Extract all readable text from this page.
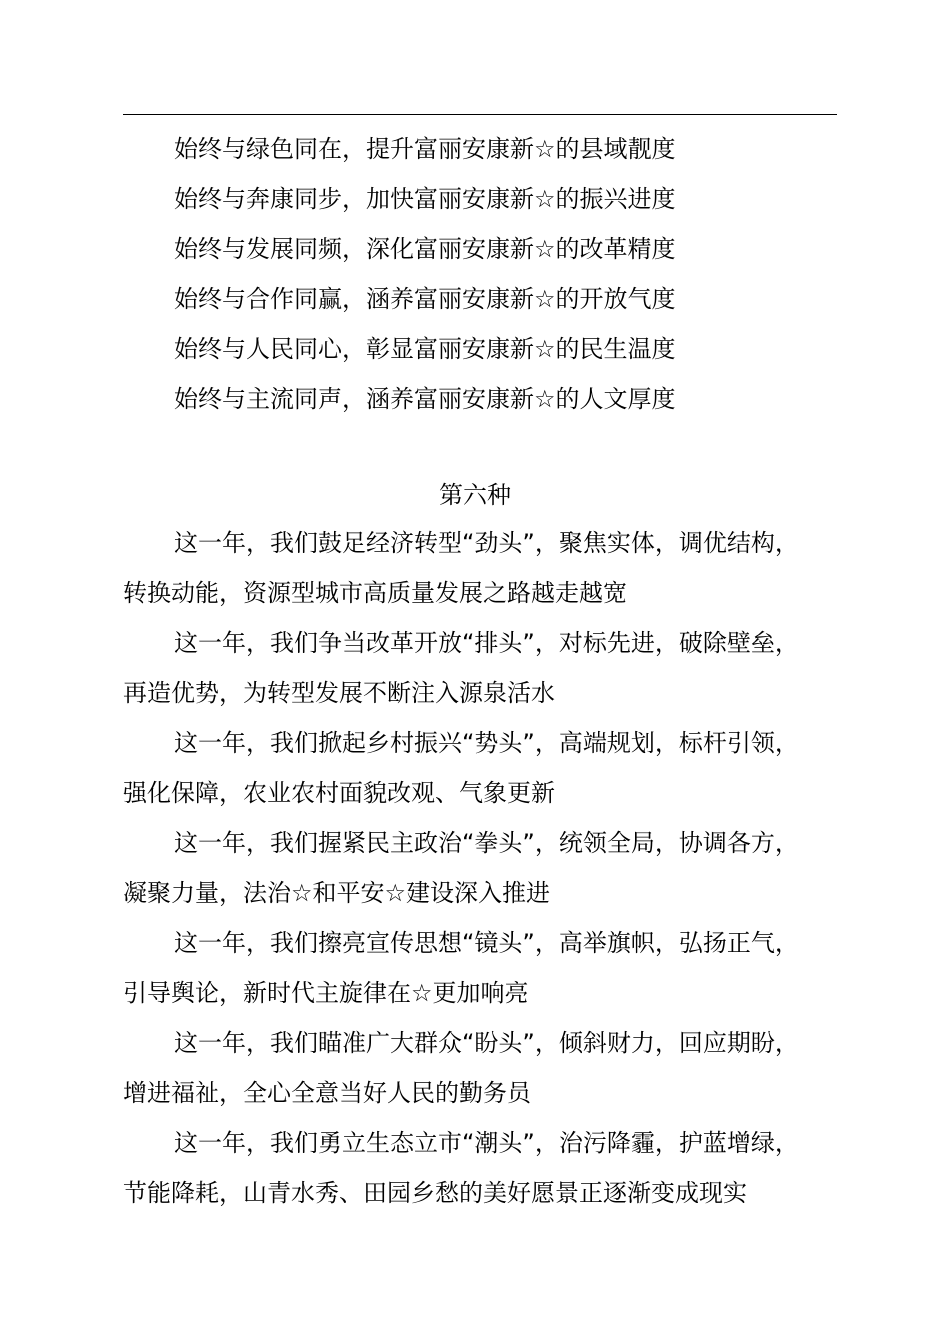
始终与绿色同在，提升富丽安康新☆的县域靓度
始终与奔康同步，加快富丽安康新☆的振兴进度
始终与发展同频，深化富丽安康新☆的改革精度
始终与合作同赢，涵养富丽安康新☆的开放气度
始终与人民同心，彰显富丽安康新☆的民生温度
始终与主流同声，涵养富丽安康新☆的人文厚度
第六种

这一年，我们鼓足经济转型“劲头”，聚焦实体，调优结构，
转换动能，资源型城市高质量发展之路越走越宽

这一年，我们争当改革开放“排头”，对标先进，破除壁垒，
再造优势，为转型发展不断注入源泉活水

这一年，我们掀起乡村振兴“势头”，高端规划，标杆引领，
强化保障，农业农村面貌改观、气象更新

这一年，我们握紧民主政治“拳头”，统领全局，协调各方，
凝聚力量，法治☆和平安☆建设深入推进

这一年，我们擦亮宣传思想“镜头”，高举旗帜，弘扬正气，
引导舆论，新时代主旋律在☆更加响亮

这一年，我们瞄准广大群众“盼头”，倾斜财力，回应期盼，
增进福祉，全心全意当好人民的勤务员

这一年，我们勇立生态立市“潮头”，治污降霾，护蓝增绿，
节能降耗，山青水秀、田园乡愁的美好愿景正逐渐变成现实
